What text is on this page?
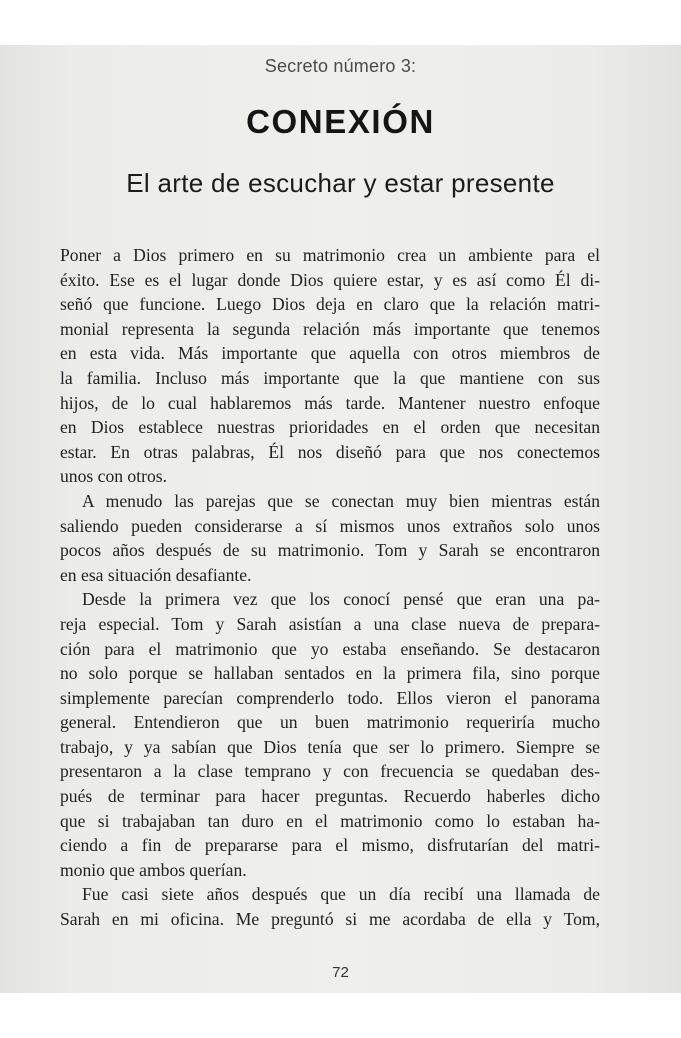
Secreto número 3:
CONEXIÓN
El arte de escuchar y estar presente
Poner a Dios primero en su matrimonio crea un ambiente para el
éxito. Ese es el lugar donde Dios quiere estar, y es así como Él di-
señó que funcione. Luego Dios deja en claro que la relación matri-
monial representa la segunda relación más importante que tenemos
en esta vida. Más importante que aquella con otros miembros de
la familia. Incluso más importante que la que mantiene con sus
hijos, de lo cual hablaremos más tarde. Mantener nuestro enfoque
en Dios establece nuestras prioridades en el orden que necesitan
estar. En otras palabras, Él nos diseñó para que nos conectemos
unos con otros.
A menudo las parejas que se conectan muy bien mientras están
saliendo pueden considerarse a sí mismos unos extraños solo unos
pocos años después de su matrimonio. Tom y Sarah se encontraron
en esa situación desafiante.
Desde la primera vez que los conocí pensé que eran una pa-
reja especial. Tom y Sarah asistían a una clase nueva de prepara-
ción para el matrimonio que yo estaba enseñando. Se destacaron
no solo porque se hallaban sentados en la primera fila, sino porque
simplemente parecían comprenderlo todo. Ellos vieron el panorama
general. Entendieron que un buen matrimonio requeriría mucho
trabajo, y ya sabían que Dios tenía que ser lo primero. Siempre se
presentaron a la clase temprano y con frecuencia se quedaban des-
pués de terminar para hacer preguntas. Recuerdo haberles dicho
que si trabajaban tan duro en el matrimonio como lo estaban ha-
ciendo a fin de prepararse para el mismo, disfrutarían del matri-
monio que ambos querían.
Fue casi siete años después que un día recibí una llamada de
Sarah en mi oficina. Me preguntó si me acordaba de ella y Tom,
72
